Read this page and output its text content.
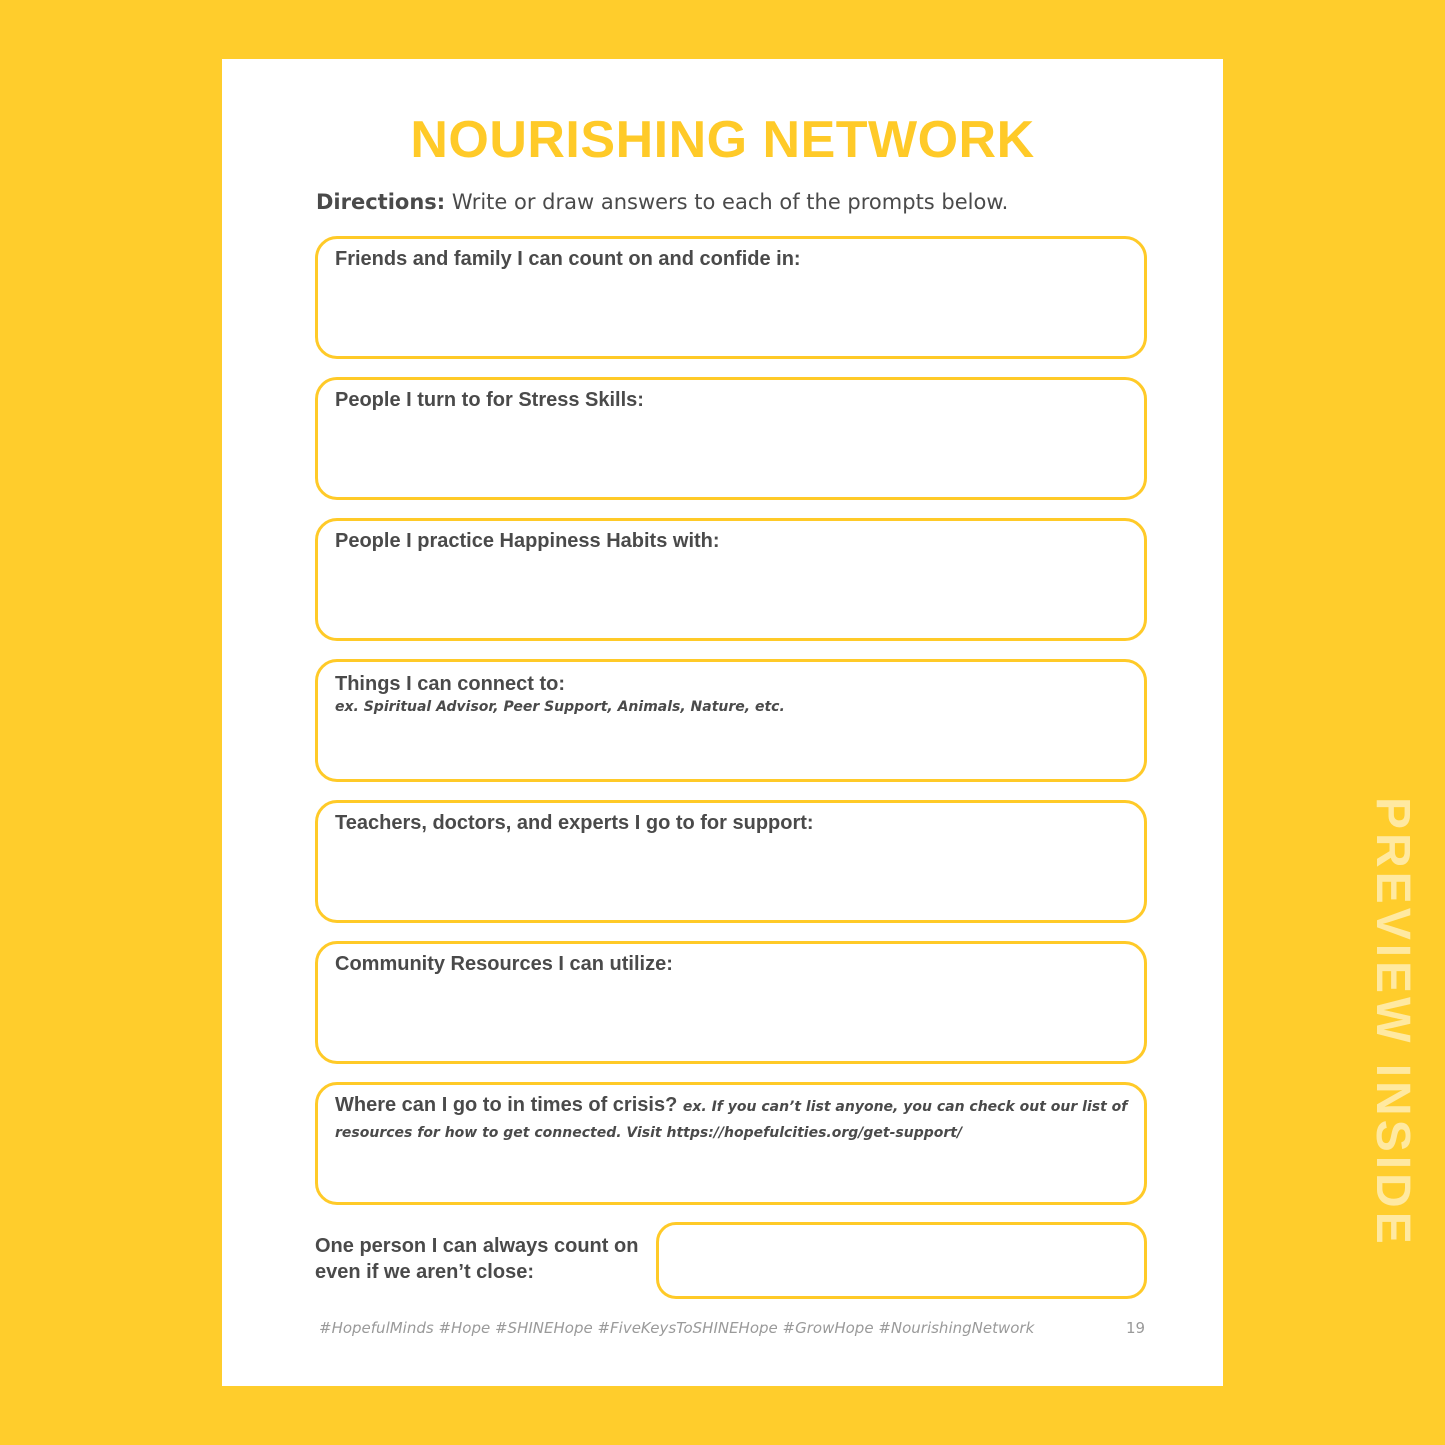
NOURISHING NETWORK
Directions: Write or draw answers to each of the prompts below.
Friends and family I can count on and confide in:
People I turn to for Stress Skills:
People I practice Happiness Habits with:
Things I can connect to:
ex. Spiritual Advisor, Peer Support, Animals, Nature, etc.
Teachers, doctors, and experts I go to for support:
Community Resources I can utilize:
Where can I go to in times of crisis? ex. If you can’t list anyone, you can check out our list of resources for how to get connected. Visit https://hopefulcities.org/get-support/
One person I can always count on even if we aren’t close:
#HopefulMinds #Hope #SHINEHope #FiveKeysToSHINEHope #GrowHope #NourishingNetwork	19
PREVIEW INSIDE
